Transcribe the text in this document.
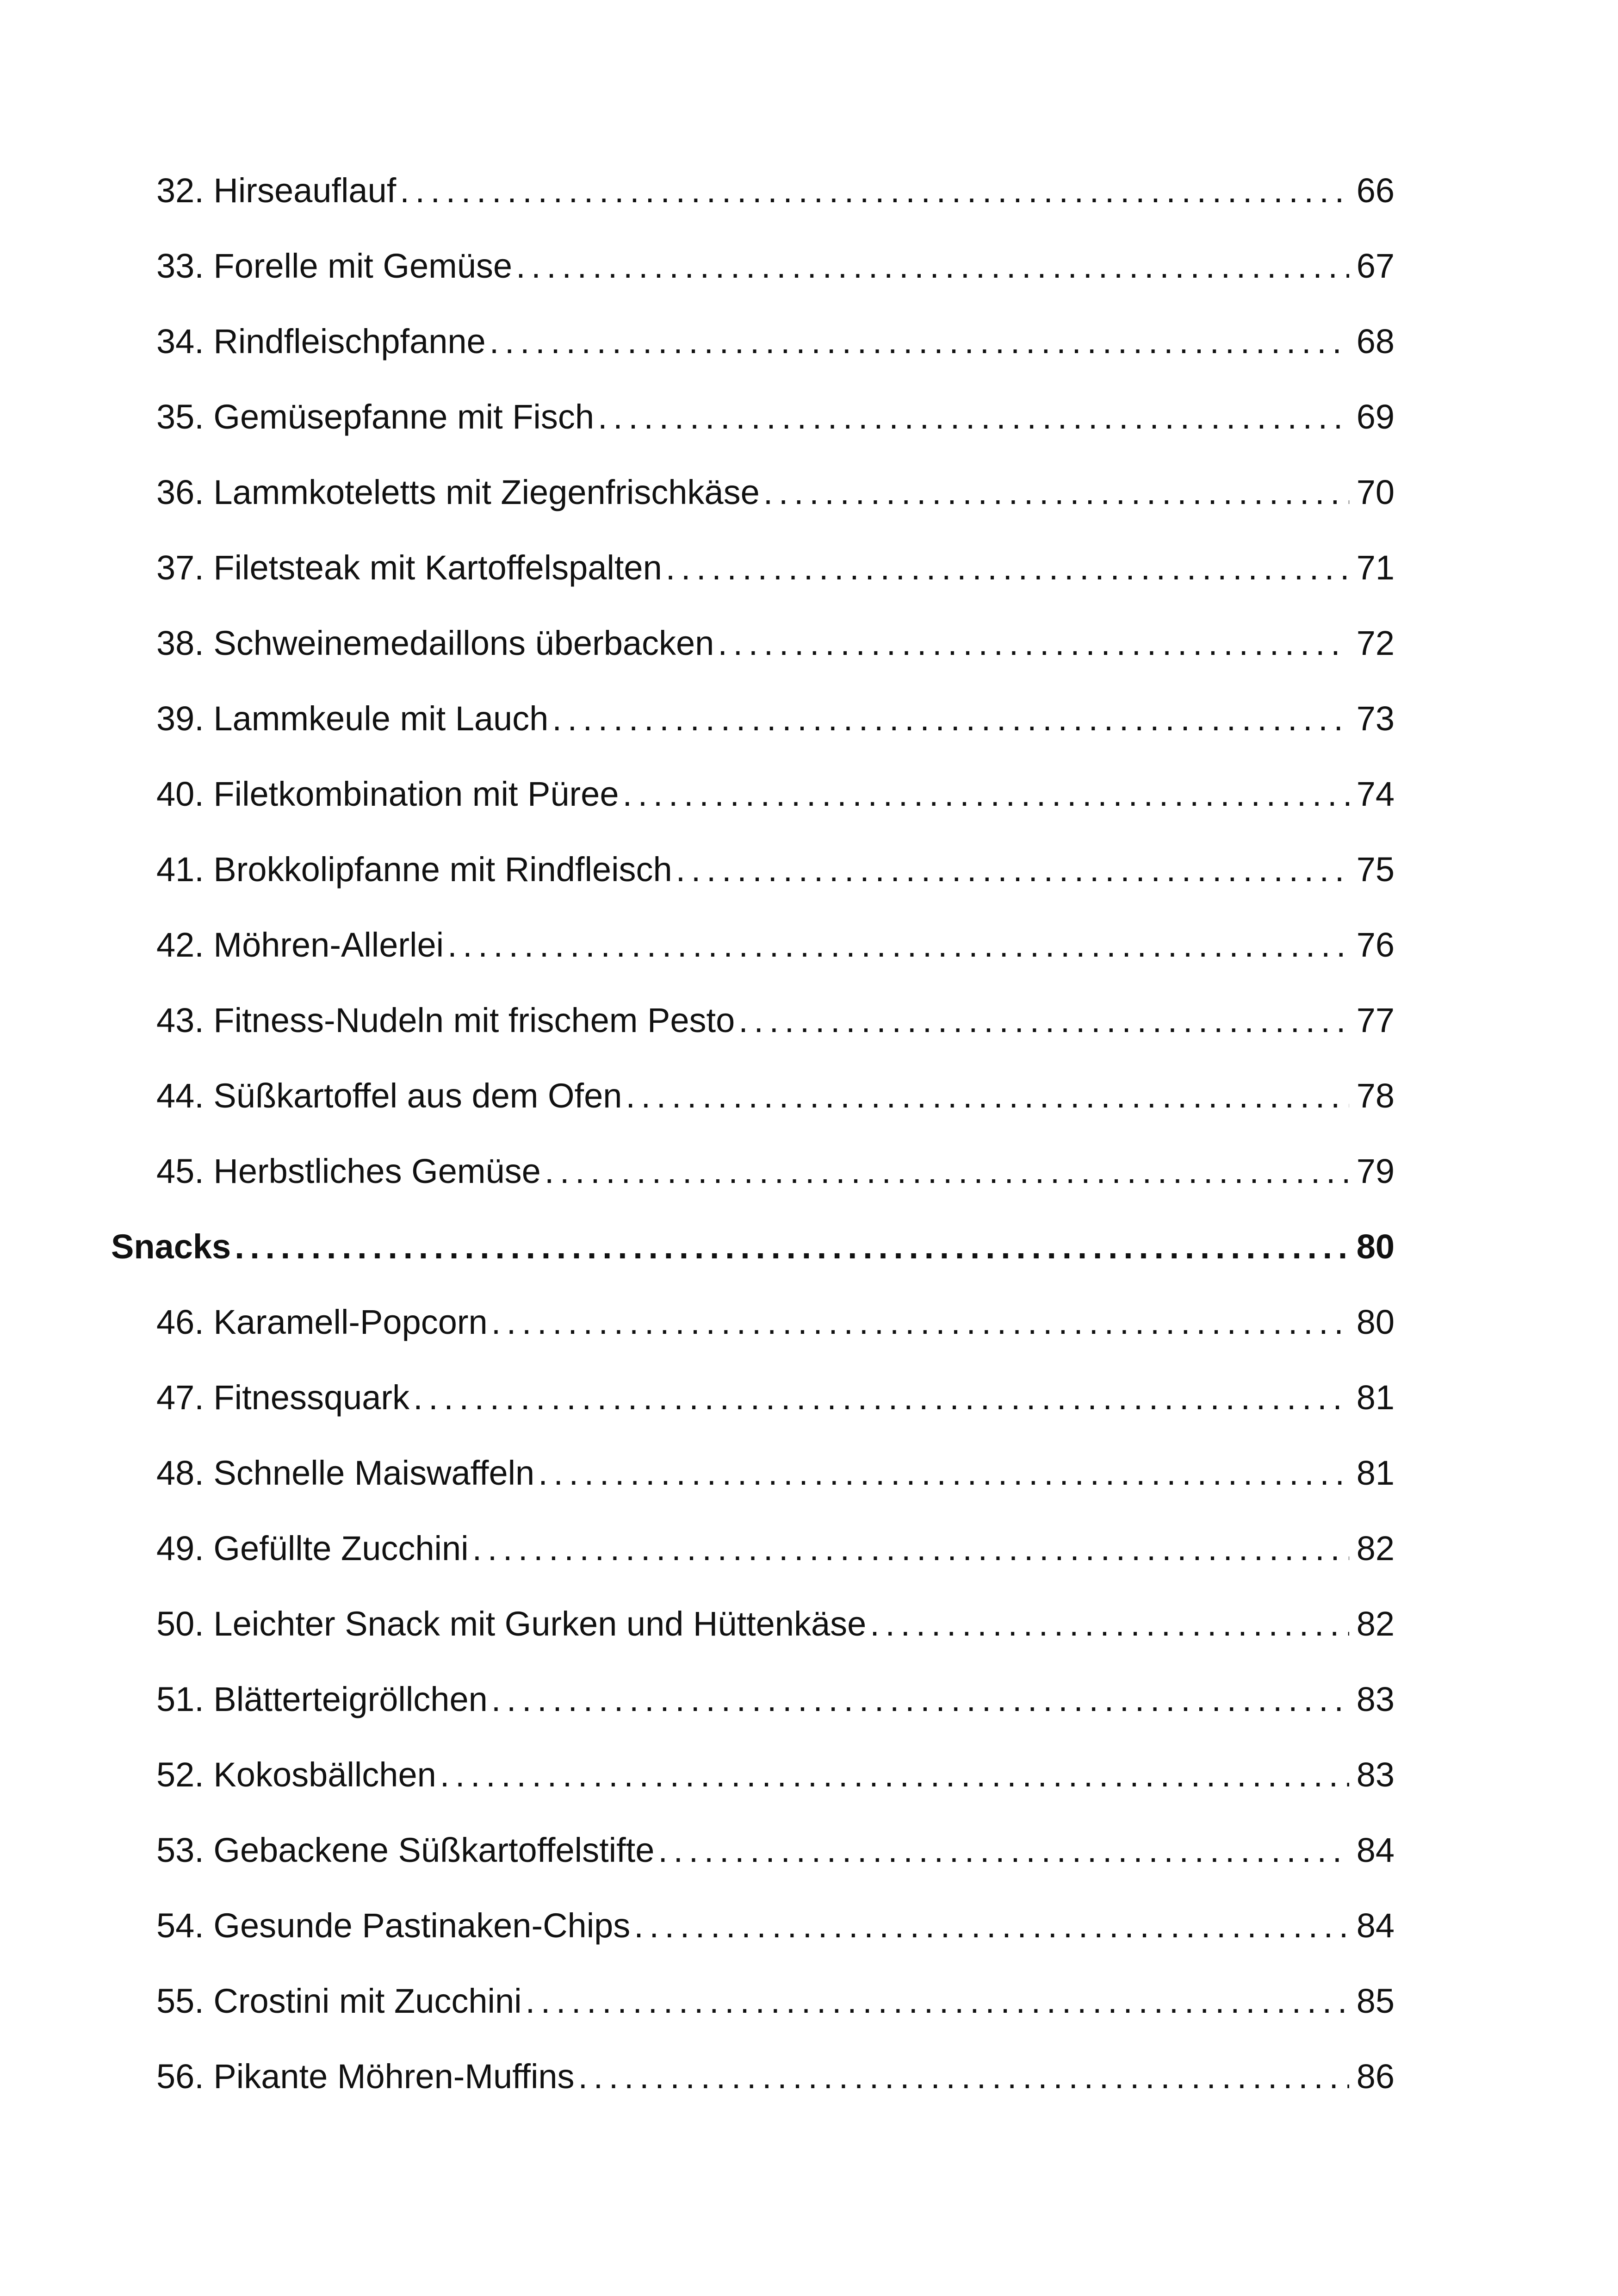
32. Hirseauflauf . . .	66
33. Forelle mit Gemüse . . .	67
34. Rindfleischpfanne . . .	68
35. Gemüsepfanne mit Fisch . . .	69
36. Lammkoteletts mit Ziegenfrischkäse . . .	70
37. Filetsteak mit Kartoffelspalten . . .	71
38. Schweinemedaillons überbacken . . .	72
39. Lammkeule mit Lauch . . .	73
40. Filetkombination mit Püree . . .	74
41. Brokkolipfanne mit Rindfleisch . . .	75
42. Möhren-Allerlei . . .	76
43. Fitness-Nudeln mit frischem Pesto . . .	77
44. Süßkartoffel aus dem Ofen . . .	78
45. Herbstliches Gemüse . . .	79
Snacks . . .	80
46. Karamell-Popcorn . . .	80
47. Fitnessquark . . .	81
48. Schnelle Maiswaffeln . . .	81
49. Gefüllte Zucchini . . .	82
50. Leichter Snack mit Gurken und Hüttenkäse . . .	82
51. Blätterteigröllchen . . .	83
52. Kokosbällchen . . .	83
53. Gebackene Süßkartoffelstifte . . .	84
54. Gesunde Pastinaken-Chips . . .	84
55. Crostini mit Zucchini . . .	85
56. Pikante Möhren-Muffins . . .	86
